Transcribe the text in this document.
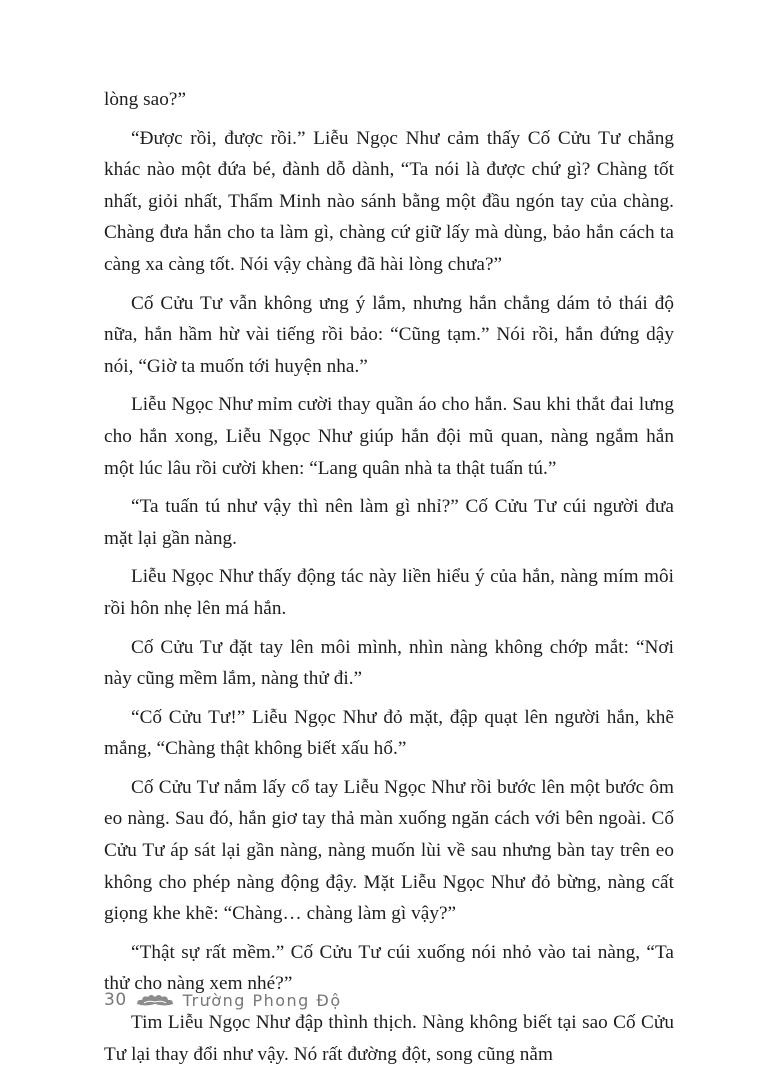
lòng sao?”

“Được rồi, được rồi.” Liễu Ngọc Như cảm thấy Cố Cửu Tư chẳng khác nào một đứa bé, đành dỗ dành, “Ta nói là được chứ gì? Chàng tốt nhất, giỏi nhất, Thẩm Minh nào sánh bằng một đầu ngón tay của chàng. Chàng đưa hắn cho ta làm gì, chàng cứ giữ lấy mà dùng, bảo hắn cách ta càng xa càng tốt. Nói vậy chàng đã hài lòng chưa?”

Cố Cửu Tư vẫn không ưng ý lắm, nhưng hắn chẳng dám tỏ thái độ nữa, hắn hầm hừ vài tiếng rồi bảo: “Cũng tạm.” Nói rồi, hắn đứng dậy nói, “Giờ ta muốn tới huyện nha.”

Liễu Ngọc Như mỉm cười thay quần áo cho hắn. Sau khi thắt đai lưng cho hắn xong, Liễu Ngọc Như giúp hắn đội mũ quan, nàng ngắm hắn một lúc lâu rồi cười khen: “Lang quân nhà ta thật tuấn tú.”

“Ta tuấn tú như vậy thì nên làm gì nhỉ?” Cố Cửu Tư cúi người đưa mặt lại gần nàng.

Liễu Ngọc Như thấy động tác này liền hiểu ý của hắn, nàng mím môi rồi hôn nhẹ lên má hắn.

Cố Cửu Tư đặt tay lên môi mình, nhìn nàng không chớp mắt: “Nơi này cũng mềm lắm, nàng thử đi.”

“Cố Cửu Tư!” Liễu Ngọc Như đỏ mặt, đập quạt lên người hắn, khẽ mắng, “Chàng thật không biết xấu hổ.”

Cố Cửu Tư nắm lấy cổ tay Liễu Ngọc Như rồi bước lên một bước ôm eo nàng. Sau đó, hắn giơ tay thả màn xuống ngăn cách với bên ngoài. Cố Cửu Tư áp sát lại gần nàng, nàng muốn lùi về sau nhưng bàn tay trên eo không cho phép nàng động đậy. Mặt Liễu Ngọc Như đỏ bừng, nàng cất giọng khe khẽ: “Chàng… chàng làm gì vậy?”

“Thật sự rất mềm.” Cố Cửu Tư cúi xuống nói nhỏ vào tai nàng, “Ta thử cho nàng xem nhé?”

Tim Liễu Ngọc Như đập thình thịch. Nàng không biết tại sao Cố Cửu Tư lại thay đổi như vậy. Nó rất đường đột, song cũng nằm

30	Trường Phong Độ
